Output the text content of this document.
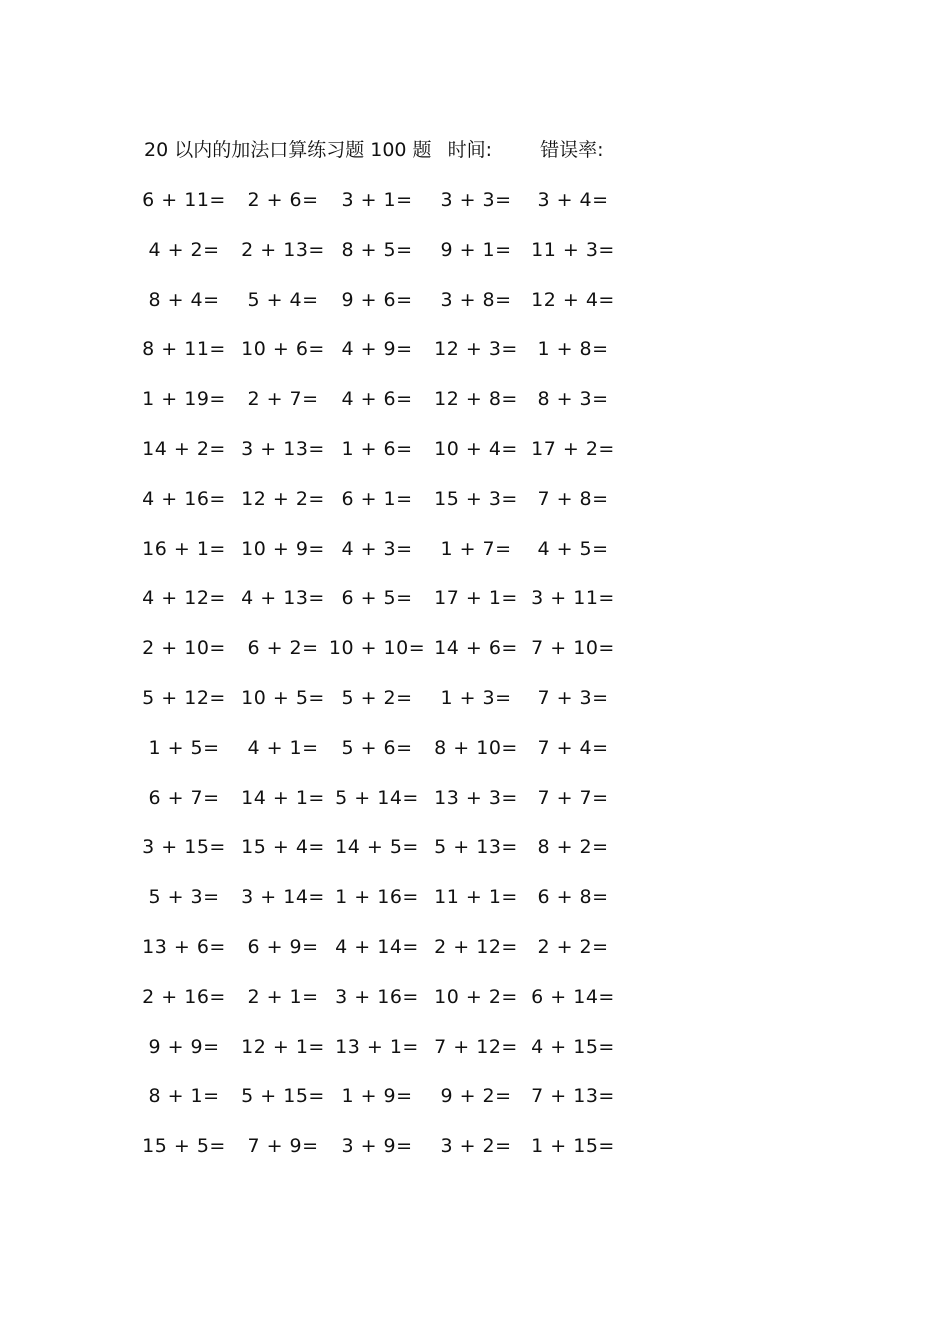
20 以内的加法口算练习题 100 题 时间:	错误率:
6 + 11= 2 + 6= 3 + 1= 3 + 3= 3 + 4=
4 + 2= 2 + 13= 8 + 5= 9 + 1= 11 + 3=
8 + 4= 5 + 4= 9 + 6= 3 + 8= 12 + 4=
8 + 11= 10 + 6= 4 + 9= 12 + 3= 1 + 8=
1 + 19= 2 + 7= 4 + 6= 12 + 8= 8 + 3=
14 + 2= 3 + 13= 1 + 6= 10 + 4= 17 + 2=
4 + 16= 12 + 2= 6 + 1= 15 + 3= 7 + 8=
16 + 1= 10 + 9= 4 + 3= 1 + 7= 4 + 5=
4 + 12= 4 + 13= 6 + 5= 17 + 1= 3 + 11=
2 + 10= 6 + 2= 10 + 10= 14 + 6= 7 + 10=
5 + 12= 10 + 5= 5 + 2= 1 + 3= 7 + 3=
1 + 5= 4 + 1= 5 + 6= 8 + 10= 7 + 4=
6 + 7= 14 + 1= 5 + 14= 13 + 3= 7 + 7=
3 + 15= 15 + 4= 14 + 5= 5 + 13= 8 + 2=
5 + 3= 3 + 14= 1 + 16= 11 + 1= 6 + 8=
13 + 6= 6 + 9= 4 + 14= 2 + 12= 2 + 2=
2 + 16= 2 + 1= 3 + 16= 10 + 2= 6 + 14=
9 + 9= 12 + 1= 13 + 1= 7 + 12= 4 + 15=
8 + 1= 5 + 15= 1 + 9= 9 + 2= 7 + 13=
15 + 5= 7 + 9= 3 + 9= 3 + 2= 1 + 15=
